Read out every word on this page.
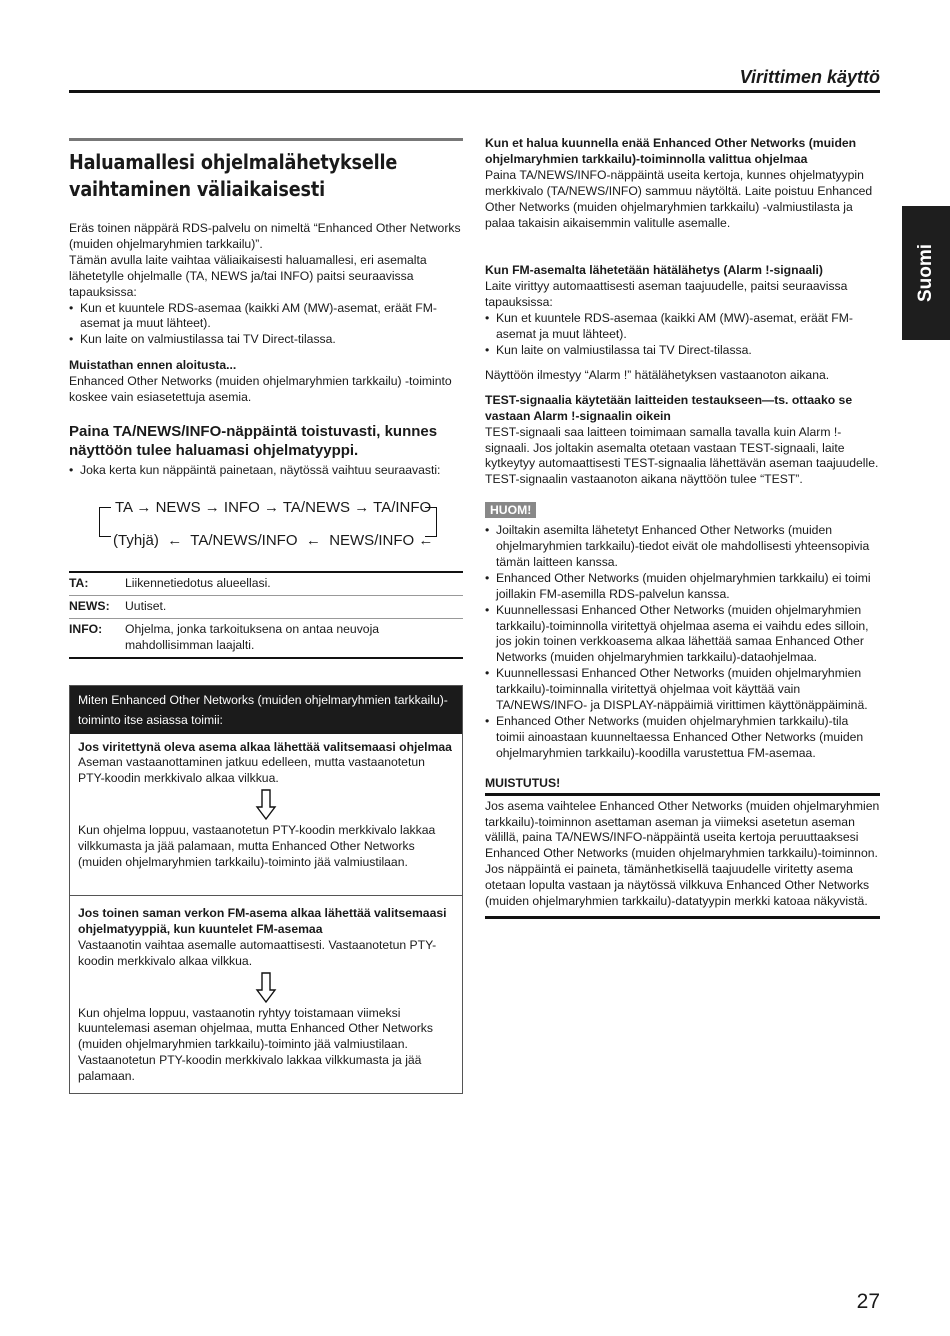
Virittimen käyttö
Suomi
Haluamallesi ohjelmalähetykselle
vaihtaminen väliaikaisesti

Eräs toinen näppärä RDS-palvelu on nimeltä “Enhanced Other Networks (muiden ohjelmaryhmien tarkkailu)”.

Tämän avulla laite vaihtaa väliaikaisesti haluamallesi, eri asemalta lähetetylle ohjelmalle (TA, NEWS ja/tai INFO) paitsi seuraavissa tapauksissa:

• Kun et kuuntele RDS-asemaa (kaikki AM (MW)-asemat, eräät FM-asemat ja muut lähteet).
• Kun laite on valmiustilassa tai TV Direct-tilassa.

Muistathan ennen aloitusta...

Enhanced Other Networks (muiden ohjelmaryhmien tarkkailu) -toiminto koskee vain esiasetettuja asemia.

Paina TA/NEWS/INFO-näppäintä toistuvasti, kunnes näyttöön tulee haluamasi ohjelmatyyppi.

• Joka kerta kun näppäintä painetaan, näytössä vaihtuu seuraavasti:
TA → NEWS → INFO → TA/NEWS → TA/INFO
(Tyhjä) ← TA/NEWS/INFO ← NEWS/INFO ←
TA:	Liikennetiedotus alueellasi.
NEWS:	Uutiset.
INFO:	Ohjelma, jonka tarkoituksena on antaa neuvoja mahdollisimman laajalti.
Miten Enhanced Other Networks (muiden ohjelmaryhmien tarkkailu)-toiminto itse asiassa toimii:

Jos viritettynä oleva asema alkaa lähettää valitsemaasi ohjelmaa

Aseman vastaanottaminen jatkuu edelleen, mutta vastaanotetun PTY-koodin merkkivalo alkaa vilkkua.

Kun ohjelma loppuu, vastaanotetun PTY-koodin merkkivalo lakkaa vilkkumasta ja jää palamaan, mutta Enhanced Other Networks (muiden ohjelmaryhmien tarkkailu)-toiminto jää valmiustilaan.

Jos toinen saman verkon FM-asema alkaa lähettää valitsemaasi ohjelmatyyppiä, kun kuuntelet FM-asemaa

Vastaanotin vaihtaa asemalle automaattisesti. Vastaanotetun PTY-koodin merkkivalo alkaa vilkkua.

Kun ohjelma loppuu, vastaanotin ryhtyy toistamaan viimeksi kuuntelemasi aseman ohjelmaa, mutta Enhanced Other Networks (muiden ohjelmaryhmien tarkkailu)-toiminto jää valmiustilaan. Vastaanotetun PTY-koodin merkkivalo lakkaa vilkkumasta ja jää palamaan.

Kun et halua kuunnella enää Enhanced Other Networks (muiden ohjelmaryhmien tarkkailu)-toiminnolla valittua ohjelmaa

Paina TA/NEWS/INFO-näppäintä useita kertoja, kunnes ohjelmatyypin merkkivalo (TA/NEWS/INFO) sammuu näytöltä. Laite poistuu Enhanced Other Networks (muiden ohjelmaryhmien tarkkailu) -valmiustilasta ja palaa takaisin aikaisemmin valitulle asemalle.

Kun FM-asemalta lähetetään hätälähetys (Alarm !-signaali)

Laite virittyy automaattisesti aseman taajuudelle, paitsi seuraavissa tapauksissa:

• Kun et kuuntele RDS-asemaa (kaikki AM (MW)-asemat, eräät FM-asemat ja muut lähteet).
• Kun laite on valmiustilassa tai TV Direct-tilassa.

Näyttöön ilmestyy “Alarm !” hätälähetyksen vastaanoton aikana.

TEST-signaalia käytetään laitteiden testaukseen—ts. ottaako se vastaan Alarm !-signaalin oikein

TEST-signaali saa laitteen toimimaan samalla tavalla kuin Alarm !-signaali. Jos joltakin asemalta otetaan vastaan TEST-signaali, laite kytkeytyy automaattisesti TEST-signaalia lähettävän aseman taajuudelle.

TEST-signaalin vastaanoton aikana näyttöön tulee “TEST”.

HUOM!
• Joiltakin asemilta lähetetyt Enhanced Other Networks (muiden ohjelmaryhmien tarkkailu)-tiedot eivät ole mahdollisesti yhteensopivia tämän laitteen kanssa.
• Enhanced Other Networks (muiden ohjelmaryhmien tarkkailu) ei toimi joillakin FM-asemilla RDS-palvelun kanssa.
• Kuunnellessasi Enhanced Other Networks (muiden ohjelmaryhmien tarkkailu)-toiminnolla viritettyä ohjelmaa asema ei vaihdu edes silloin, jos jokin toinen verkkoasema alkaa lähettää samaa Enhanced Other Networks (muiden ohjelmaryhmien tarkkailu)-dataohjelmaa.
• Kuunnellessasi Enhanced Other Networks (muiden ohjelmaryhmien tarkkailu)-toiminnalla viritettyä ohjelmaa voit käyttää vain TA/NEWS/INFO- ja DISPLAY-näppäimiä virittimen käyttönäppäiminä.
• Enhanced Other Networks (muiden ohjelmaryhmien tarkkailu)-tila toimii ainoastaan kuunneltaessa Enhanced Other Networks (muiden ohjelmaryhmien tarkkailu)-koodilla varustettua FM-asemaa.

MUISTUTUS!

Jos asema vaihtelee Enhanced Other Networks (muiden ohjelmaryhmien tarkkailu)-toiminnon asettaman aseman ja viimeksi asetetun aseman välillä, paina TA/NEWS/INFO-näppäintä useita kertoja peruuttaaksesi Enhanced Other Networks (muiden ohjelmaryhmien tarkkailu)-toiminnon. Jos näppäintä ei paineta, tämänhetkisellä taajuudelle viritetty asema otetaan lopulta vastaan ja näytössä vilkkuva Enhanced Other Networks (muiden ohjelmaryhmien tarkkailu)-datatyypin merkki katoaa näkyvistä.

27
